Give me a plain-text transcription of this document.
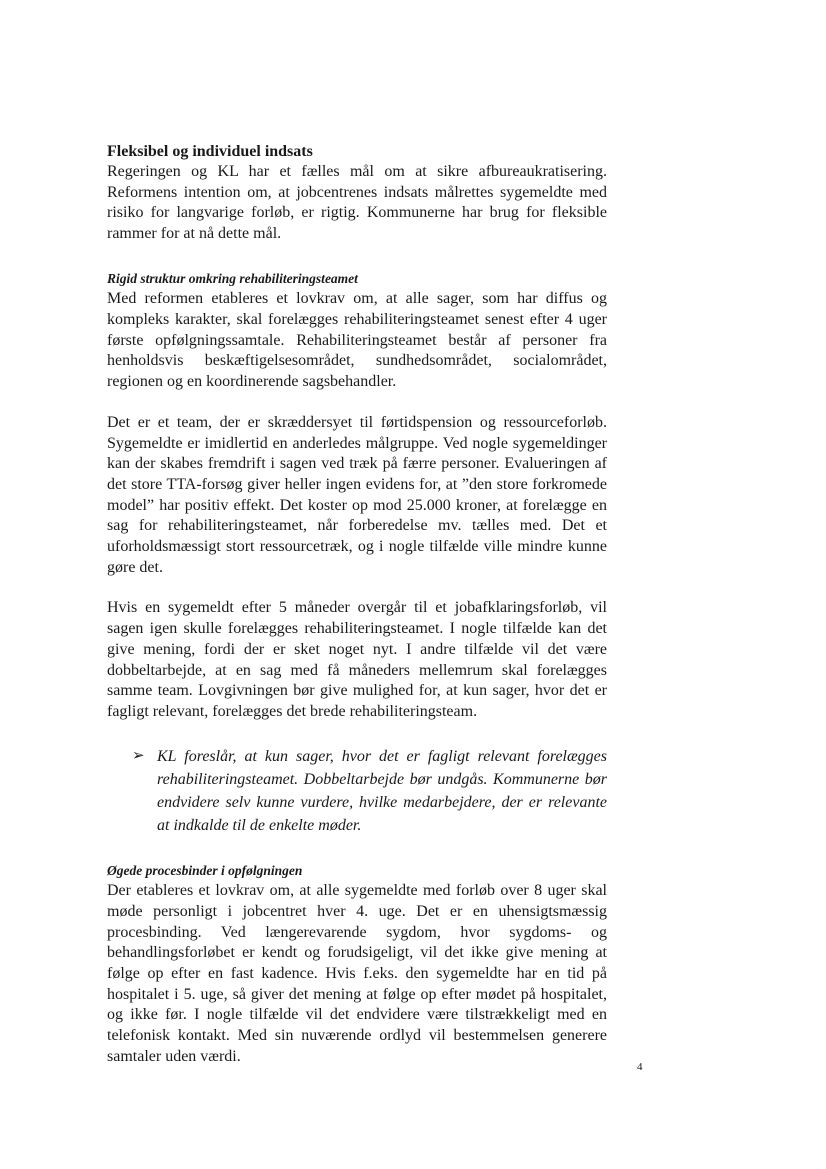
Fleksibel og individuel indsats

Regeringen og KL har et fælles mål om at sikre afbureaukratisering. Reformens intention om, at jobcentrenes indsats målrettes sygemeldte med risiko for langvarige forløb, er rigtig. Kommunerne har brug for fleksible rammer for at nå dette mål.

Rigid struktur omkring rehabiliteringsteamet

Med reformen etableres et lovkrav om, at alle sager, som har diffus og kompleks karakter, skal forelægges rehabiliteringsteamet senest efter 4 uger første opfølgningssamtale. Rehabiliteringsteamet består af personer fra henholdsvis beskæftigelsesområdet, sundhedsområdet, socialområdet, regionen og en koordinerende sagsbehandler.

Det er et team, der er skræddersyet til førtidspension og ressourceforløb. Sygemeldte er imidlertid en anderledes målgruppe. Ved nogle sygemeldinger kan der skabes fremdrift i sagen ved træk på færre personer. Evalueringen af det store TTA-forsøg giver heller ingen evidens for, at ”den store forkromede model” har positiv effekt. Det koster op mod 25.000 kroner, at forelægge en sag for rehabiliteringsteamet, når forberedelse mv. tælles med. Det et uforholdsmæssigt stort ressourcetræk, og i nogle tilfælde ville mindre kunne gøre det.

Hvis en sygemeldt efter 5 måneder overgår til et jobafklaringsforløb, vil sagen igen skulle forelægges rehabiliteringsteamet. I nogle tilfælde kan det give mening, fordi der er sket noget nyt. I andre tilfælde vil det være dobbeltarbejde, at en sag med få måneders mellemrum skal forelægges samme team. Lovgivningen bør give mulighed for, at kun sager, hvor det er fagligt relevant, forelægges det brede rehabiliteringsteam.

➢ KL foreslår, at kun sager, hvor det er fagligt relevant forelægges rehabiliteringsteamet. Dobbeltarbejde bør undgås. Kommunerne bør endvidere selv kunne vurdere, hvilke medarbejdere, der er relevante at indkalde til de enkelte møder.
Øgede procesbinder i opfølgningen

Der etableres et lovkrav om, at alle sygemeldte med forløb over 8 uger skal møde personligt i jobcentret hver 4. uge. Det er en uhensigtsmæssig procesbinding. Ved længerevarende sygdom, hvor sygdoms- og behandlingsforløbet er kendt og forudsigeligt, vil det ikke give mening at følge op efter en fast kadence. Hvis f.eks. den sygemeldte har en tid på hospitalet i 5. uge, så giver det mening at følge op efter mødet på hospitalet, og ikke før. I nogle tilfælde vil det endvidere være tilstrækkeligt med en telefonisk kontakt. Med sin nuværende ordlyd vil bestemmelsen generere samtaler uden værdi.

4
